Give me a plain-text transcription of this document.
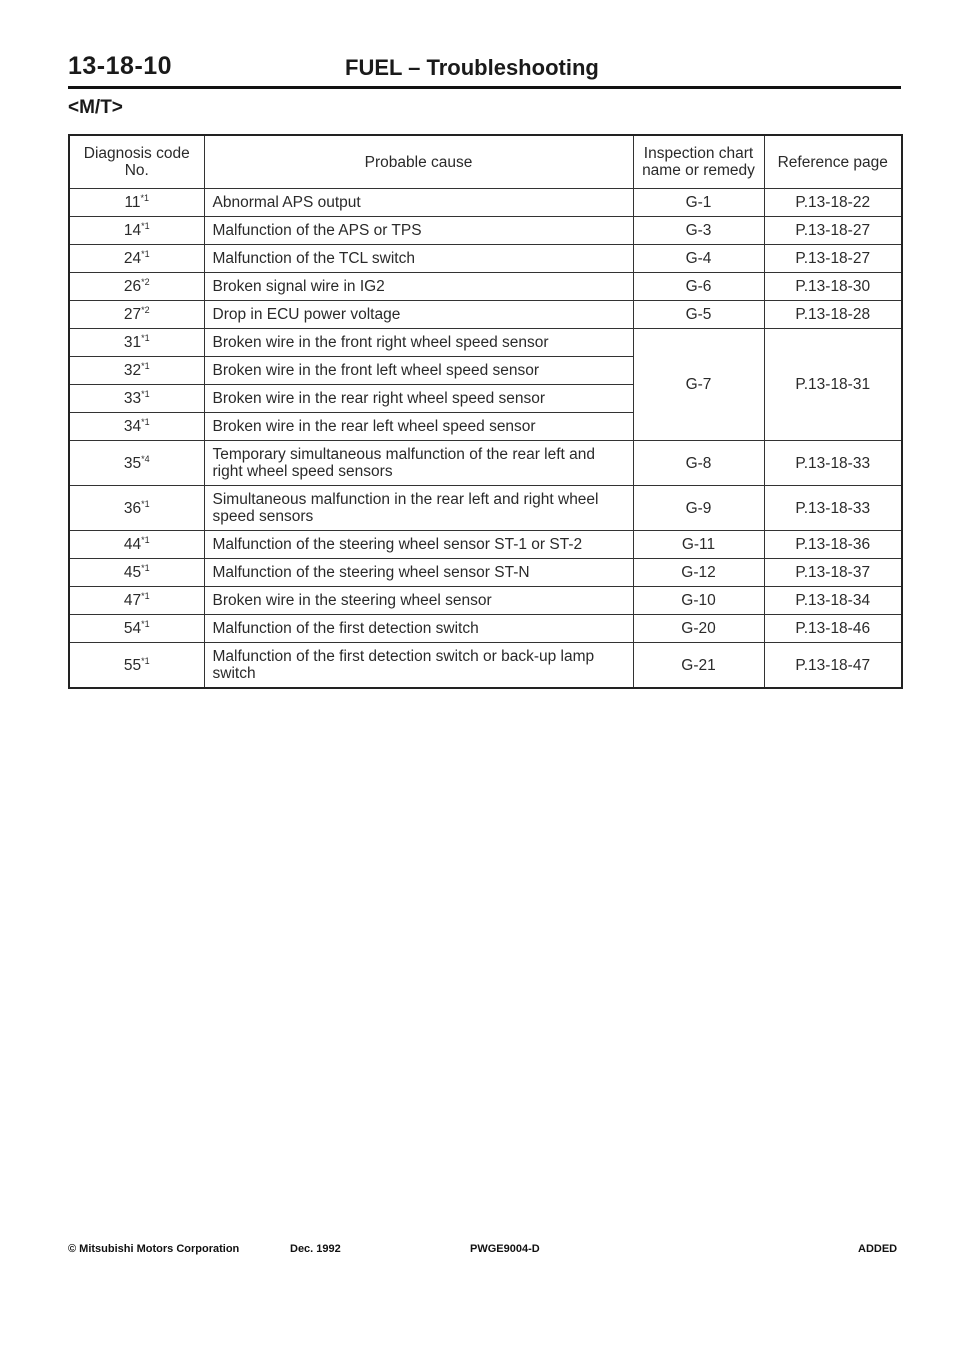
13-18-10	FUEL – Troubleshooting
<M/T>
Diagnosis code No.	Probable cause	Inspection chart name or remedy	Reference page
11$^{*1}$	Abnormal APS output	G-1	P.13-18-22
14$^{*1}$	Malfunction of the APS or TPS	G-3	P.13-18-27
24$^{*1}$	Malfunction of the TCL switch	G-4	P.13-18-27
26$^{*2}$	Broken signal wire in IG2	G-6	P.13-18-30
27$^{*2}$	Drop in ECU power voltage	G-5	P.13-18-28
31$^{*1}$	Broken wire in the front right wheel speed sensor	G-7	P.13-18-31
32$^{*1}$	Broken wire in the front left wheel speed sensor		
33$^{*1}$	Broken wire in the rear right wheel speed sensor		
34$^{*1}$	Broken wire in the rear left wheel speed sensor		
35$^{*4}$	Temporary simultaneous malfunction of the rear left and right wheel speed sensors	G-8	P.13-18-33
36$^{*1}$	Simultaneous malfunction in the rear left and right wheel speed sensors	G-9	P.13-18-33
44$^{*1}$	Malfunction of the steering wheel sensor ST-1 or ST-2	G-11	P.13-18-36
45$^{*1}$	Malfunction of the steering wheel sensor ST-N	G-12	P.13-18-37
47$^{*1}$	Broken wire in the steering wheel sensor	G-10	P.13-18-34
54$^{*1}$	Malfunction of the first detection switch	G-20	P.13-18-46
55$^{*1}$	Malfunction of the first detection switch or back-up lamp switch	G-21	P.13-18-47
© Mitsubishi Motors Corporation	Dec. 1992	PWGE9004-D	ADDED
